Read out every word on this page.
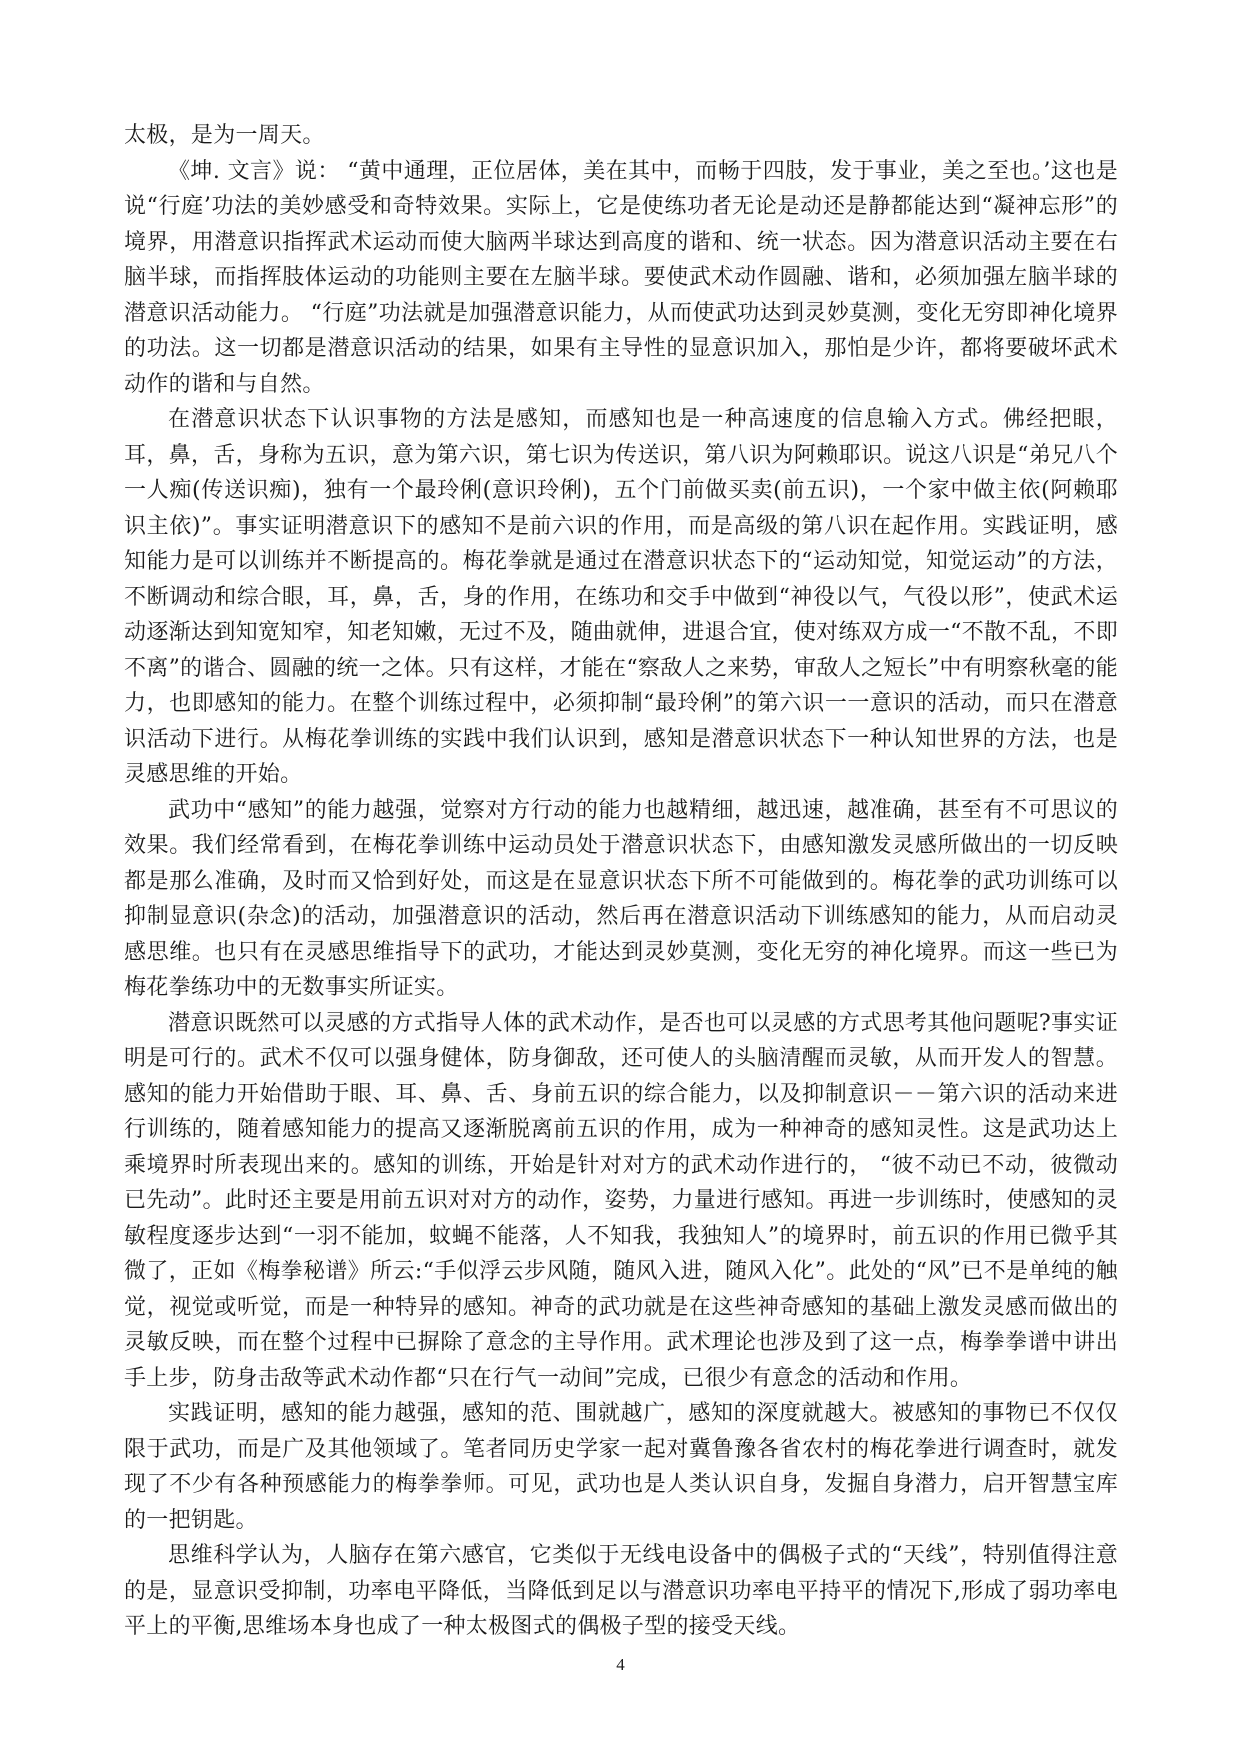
太极，是为一周天。

《坤. 文言》说： “黄中通理，正位居体，美在其中，而畅于四肢，发于事业，美之至也。’这也是说“行庭’功法的美妙感受和奇特效果。实际上，它是使练功者无论是动还是静都能达到“凝神忘形”的境界，用潜意识指挥武术运动而使大脑两半球达到高度的谐和、统一状态。因为潜意识活动主要在右脑半球，而指挥肢体运动的功能则主要在左脑半球。要使武术动作圆融、谐和，必须加强左脑半球的潜意识活动能力。 “行庭”功法就是加强潜意识能力，从而使武功达到灵妙莫测，变化无穷即神化境界的功法。这一切都是潜意识活动的结果，如果有主导性的显意识加入，那怕是少许，都将要破坏武术动作的谐和与自然。

在潜意识状态下认识事物的方法是感知，而感知也是一种高速度的信息输入方式。佛经把眼，耳，鼻，舌，身称为五识，意为第六识，第七识为传送识，第八识为阿赖耶识。说这八识是“弟兄八个一人痴(传送识痴)，独有一个最玲俐(意识玲俐)，五个门前做买卖(前五识)，一个家中做主依(阿赖耶识主依)”。事实证明潜意识下的感知不是前六识的作用，而是高级的第八识在起作用。实践证明，感知能力是可以训练并不断提高的。梅花拳就是通过在潜意识状态下的“运动知觉，知觉运动”的方法，不断调动和综合眼，耳，鼻，舌，身的作用，在练功和交手中做到“神役以气，气役以形”，使武术运动逐渐达到知宽知窄，知老知嫩，无过不及，随曲就伸，进退合宜，使对练双方成一“不散不乱，不即不离”的谐合、圆融的统一之体。只有这样，才能在“察敌人之来势，审敌人之短长”中有明察秋毫的能力，也即感知的能力。在整个训练过程中，必须抑制“最玲俐”的第六识一一意识的活动，而只在潜意识活动下进行。从梅花拳训练的实践中我们认识到，感知是潜意识状态下一种认知世界的方法，也是灵感思维的开始。

武功中“感知”的能力越强，觉察对方行动的能力也越精细，越迅速，越准确，甚至有不可思议的效果。我们经常看到，在梅花拳训练中运动员处于潜意识状态下，由感知激发灵感所做出的一切反映都是那么准确，及时而又恰到好处，而这是在显意识状态下所不可能做到的。梅花拳的武功训练可以抑制显意识(杂念)的活动，加强潜意识的活动，然后再在潜意识活动下训练感知的能力，从而启动灵感思维。也只有在灵感思维指导下的武功，才能达到灵妙莫测，变化无穷的神化境界。而这一些已为梅花拳练功中的无数事实所证实。

潜意识既然可以灵感的方式指导人体的武术动作，是否也可以灵感的方式思考其他问题呢?事实证明是可行的。武术不仅可以强身健体，防身御敌，还可使人的头脑清醒而灵敏，从而开发人的智慧。感知的能力开始借助于眼、耳、鼻、舌、身前五识的综合能力，以及抑制意识－－第六识的活动来进行训练的，随着感知能力的提高又逐渐脱离前五识的作用，成为一种神奇的感知灵性。这是武功达上乘境界时所表现出来的。感知的训练，开始是针对对方的武术动作进行的， “彼不动已不动，彼微动已先动”。此时还主要是用前五识对对方的动作，姿势，力量进行感知。再进一步训练时，使感知的灵敏程度逐步达到“一羽不能加，蚊蝇不能落，人不知我，我独知人”的境界时，前五识的作用已微乎其微了，正如《梅拳秘谱》所云:“手似浮云步风随，随风入进，随风入化”。此处的“风”已不是单纯的触觉，视觉或听觉，而是一种特异的感知。神奇的武功就是在这些神奇感知的基础上激发灵感而做出的灵敏反映，而在整个过程中已摒除了意念的主导作用。武术理论也涉及到了这一点，梅拳拳谱中讲出手上步，防身击敌等武术动作都“只在行气一动间”完成，已很少有意念的活动和作用。

实践证明，感知的能力越强，感知的范、围就越广，感知的深度就越大。被感知的事物已不仅仅限于武功，而是广及其他领域了。笔者同历史学家一起对冀鲁豫各省农村的梅花拳进行调查时，就发现了不少有各种预感能力的梅拳拳师。可见，武功也是人类认识自身，发掘自身潜力，启开智慧宝库的一把钥匙。

思维科学认为，人脑存在第六感官，它类似于无线电设备中的偶极子式的“天线”，特别值得注意的是，显意识受抑制，功率电平降低，当降低到足以与潜意识功率电平持平的情况下,形成了弱功率电平上的平衡,思维场本身也成了一种太极图式的偶极子型的接受天线。

4
